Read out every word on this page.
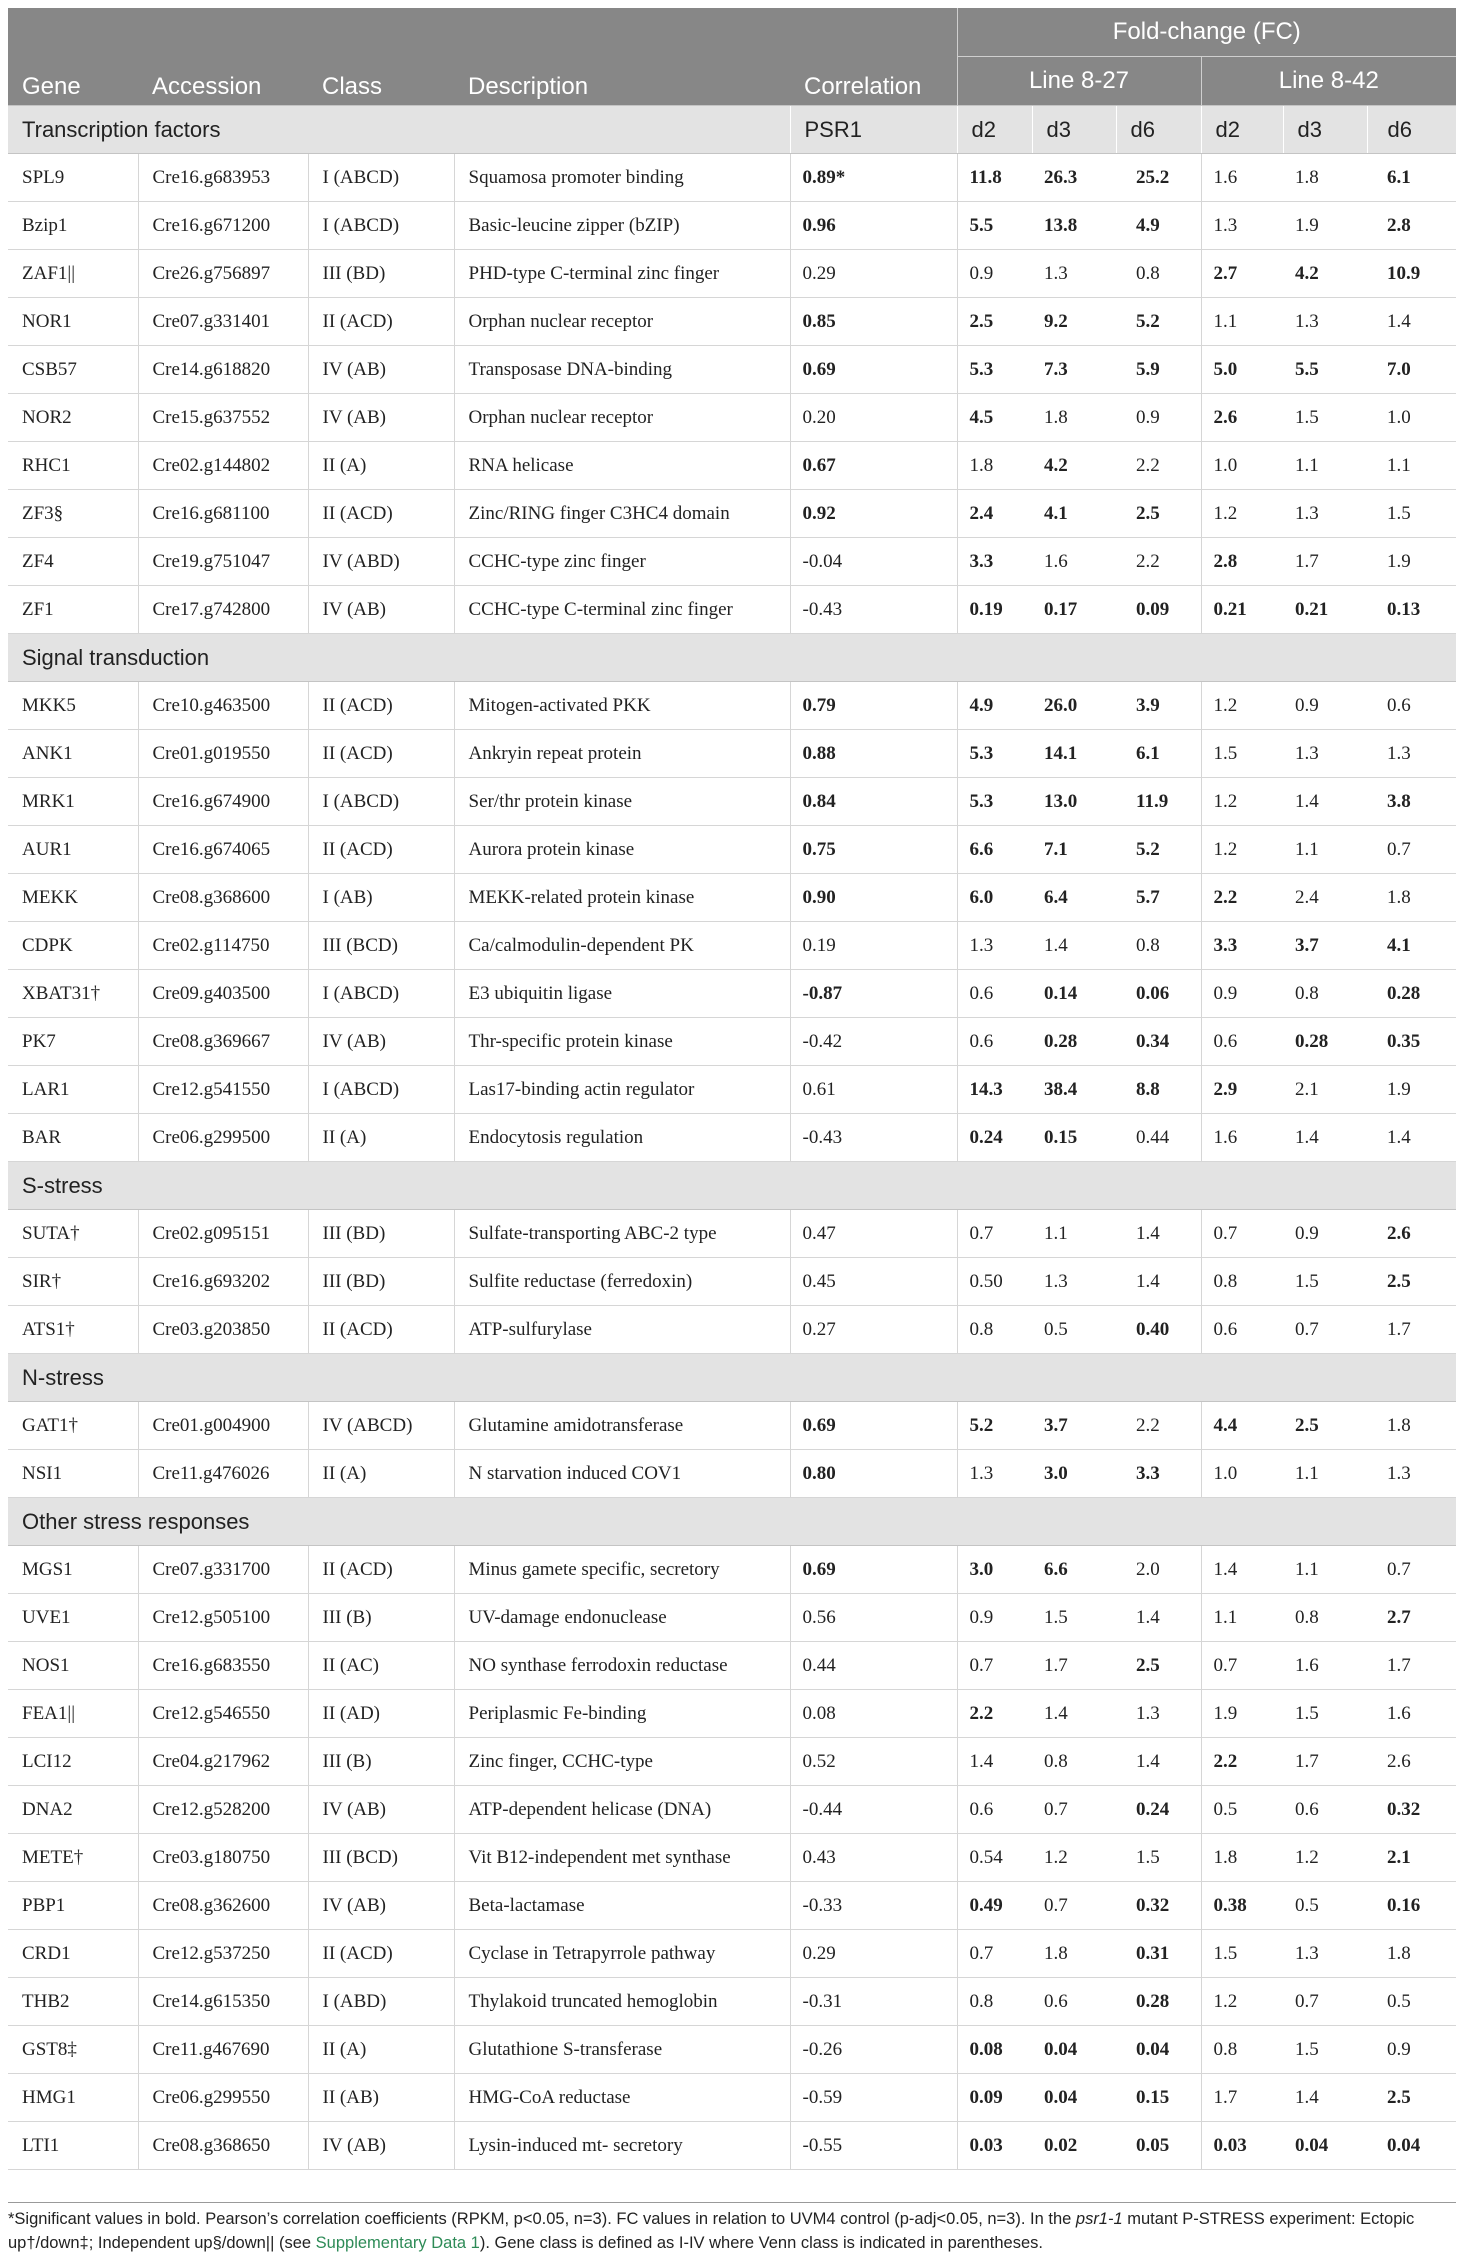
Gene	Accession	Class	Description	Correlation	Fold-change (FC)					
					Line 8-27			Line 8-42		
Transcription factors				PSR1	d2	d3	d6	d2	d3	d6
SPL9	Cre16.g683953	I (ABCD)	Squamosa promoter binding	0.89*	11.8	26.3	25.2	1.6	1.8	6.1
Bzip1	Cre16.g671200	I (ABCD)	Basic-leucine zipper (bZIP)	0.96	5.5	13.8	4.9	1.3	1.9	2.8
ZAF1||	Cre26.g756897	III (BD)	PHD-type C-terminal zinc finger	0.29	0.9	1.3	0.8	2.7	4.2	10.9
NOR1	Cre07.g331401	II (ACD)	Orphan nuclear receptor	0.85	2.5	9.2	5.2	1.1	1.3	1.4
CSB57	Cre14.g618820	IV (AB)	Transposase DNA-binding	0.69	5.3	7.3	5.9	5.0	5.5	7.0
NOR2	Cre15.g637552	IV (AB)	Orphan nuclear receptor	0.20	4.5	1.8	0.9	2.6	1.5	1.0
RHC1	Cre02.g144802	II (A)	RNA helicase	0.67	1.8	4.2	2.2	1.0	1.1	1.1
ZF3§	Cre16.g681100	II (ACD)	Zinc/RING finger C3HC4 domain	0.92	2.4	4.1	2.5	1.2	1.3	1.5
ZF4	Cre19.g751047	IV (ABD)	CCHC-type zinc finger	-0.04	3.3	1.6	2.2	2.8	1.7	1.9
ZF1	Cre17.g742800	IV (AB)	CCHC-type C-terminal zinc finger	-0.43	0.19	0.17	0.09	0.21	0.21	0.13
Signal transduction										
MKK5	Cre10.g463500	II (ACD)	Mitogen-activated PKK	0.79	4.9	26.0	3.9	1.2	0.9	0.6
ANK1	Cre01.g019550	II (ACD)	Ankryin repeat protein	0.88	5.3	14.1	6.1	1.5	1.3	1.3
MRK1	Cre16.g674900	I (ABCD)	Ser/thr protein kinase	0.84	5.3	13.0	11.9	1.2	1.4	3.8
AUR1	Cre16.g674065	II (ACD)	Aurora protein kinase	0.75	6.6	7.1	5.2	1.2	1.1	0.7
MEKK	Cre08.g368600	I (AB)	MEKK-related protein kinase	0.90	6.0	6.4	5.7	2.2	2.4	1.8
CDPK	Cre02.g114750	III (BCD)	Ca/calmodulin-dependent PK	0.19	1.3	1.4	0.8	3.3	3.7	4.1
XBAT31†	Cre09.g403500	I (ABCD)	E3 ubiquitin ligase	-0.87	0.6	0.14	0.06	0.9	0.8	0.28
PK7	Cre08.g369667	IV (AB)	Thr-specific protein kinase	-0.42	0.6	0.28	0.34	0.6	0.28	0.35
LAR1	Cre12.g541550	I (ABCD)	Las17-binding actin regulator	0.61	14.3	38.4	8.8	2.9	2.1	1.9
BAR	Cre06.g299500	II (A)	Endocytosis regulation	-0.43	0.24	0.15	0.44	1.6	1.4	1.4
S-stress										
SUTA†	Cre02.g095151	III (BD)	Sulfate-transporting ABC-2 type	0.47	0.7	1.1	1.4	0.7	0.9	2.6
SIR†	Cre16.g693202	III (BD)	Sulfite reductase (ferredoxin)	0.45	0.50	1.3	1.4	0.8	1.5	2.5
ATS1†	Cre03.g203850	II (ACD)	ATP-sulfurylase	0.27	0.8	0.5	0.40	0.6	0.7	1.7
N-stress										
GAT1†	Cre01.g004900	IV (ABCD)	Glutamine amidotransferase	0.69	5.2	3.7	2.2	4.4	2.5	1.8
NSI1	Cre11.g476026	II (A)	N starvation induced COV1	0.80	1.3	3.0	3.3	1.0	1.1	1.3
Other stress responses										
MGS1	Cre07.g331700	II (ACD)	Minus gamete specific, secretory	0.69	3.0	6.6	2.0	1.4	1.1	0.7
UVE1	Cre12.g505100	III (B)	UV-damage endonuclease	0.56	0.9	1.5	1.4	1.1	0.8	2.7
NOS1	Cre16.g683550	II (AC)	NO synthase ferrodoxin reductase	0.44	0.7	1.7	2.5	0.7	1.6	1.7
FEA1||	Cre12.g546550	II (AD)	Periplasmic Fe-binding	0.08	2.2	1.4	1.3	1.9	1.5	1.6
LCI12	Cre04.g217962	III (B)	Zinc finger, CCHC-type	0.52	1.4	0.8	1.4	2.2	1.7	2.6
DNA2	Cre12.g528200	IV (AB)	ATP-dependent helicase (DNA)	-0.44	0.6	0.7	0.24	0.5	0.6	0.32
METE†	Cre03.g180750	III (BCD)	Vit B12-independent met synthase	0.43	0.54	1.2	1.5	1.8	1.2	2.1
PBP1	Cre08.g362600	IV (AB)	Beta-lactamase	-0.33	0.49	0.7	0.32	0.38	0.5	0.16
CRD1	Cre12.g537250	II (ACD)	Cyclase in Tetrapyrrole pathway	0.29	0.7	1.8	0.31	1.5	1.3	1.8
THB2	Cre14.g615350	I (ABD)	Thylakoid truncated hemoglobin	-0.31	0.8	0.6	0.28	1.2	0.7	0.5
GST8‡	Cre11.g467690	II (A)	Glutathione S-transferase	-0.26	0.08	0.04	0.04	0.8	1.5	0.9
HMG1	Cre06.g299550	II (AB)	HMG-CoA reductase	-0.59	0.09	0.04	0.15	1.7	1.4	2.5
LTI1	Cre08.g368650	IV (AB)	Lysin-induced mt- secretory	-0.55	0.03	0.02	0.05	0.03	0.04	0.04
*Significant values in bold. Pearson’s correlation coefficients (RPKM, p<0.05, n=3). FC values in relation to UVM4 control (p-adj<0.05, n=3). In the psr1-1 mutant P-STRESS experiment: Ectopic up†/down‡; Independent up§/down|| (see Supplementary Data 1). Gene class is defined as I-IV where Venn class is indicated in parentheses.
